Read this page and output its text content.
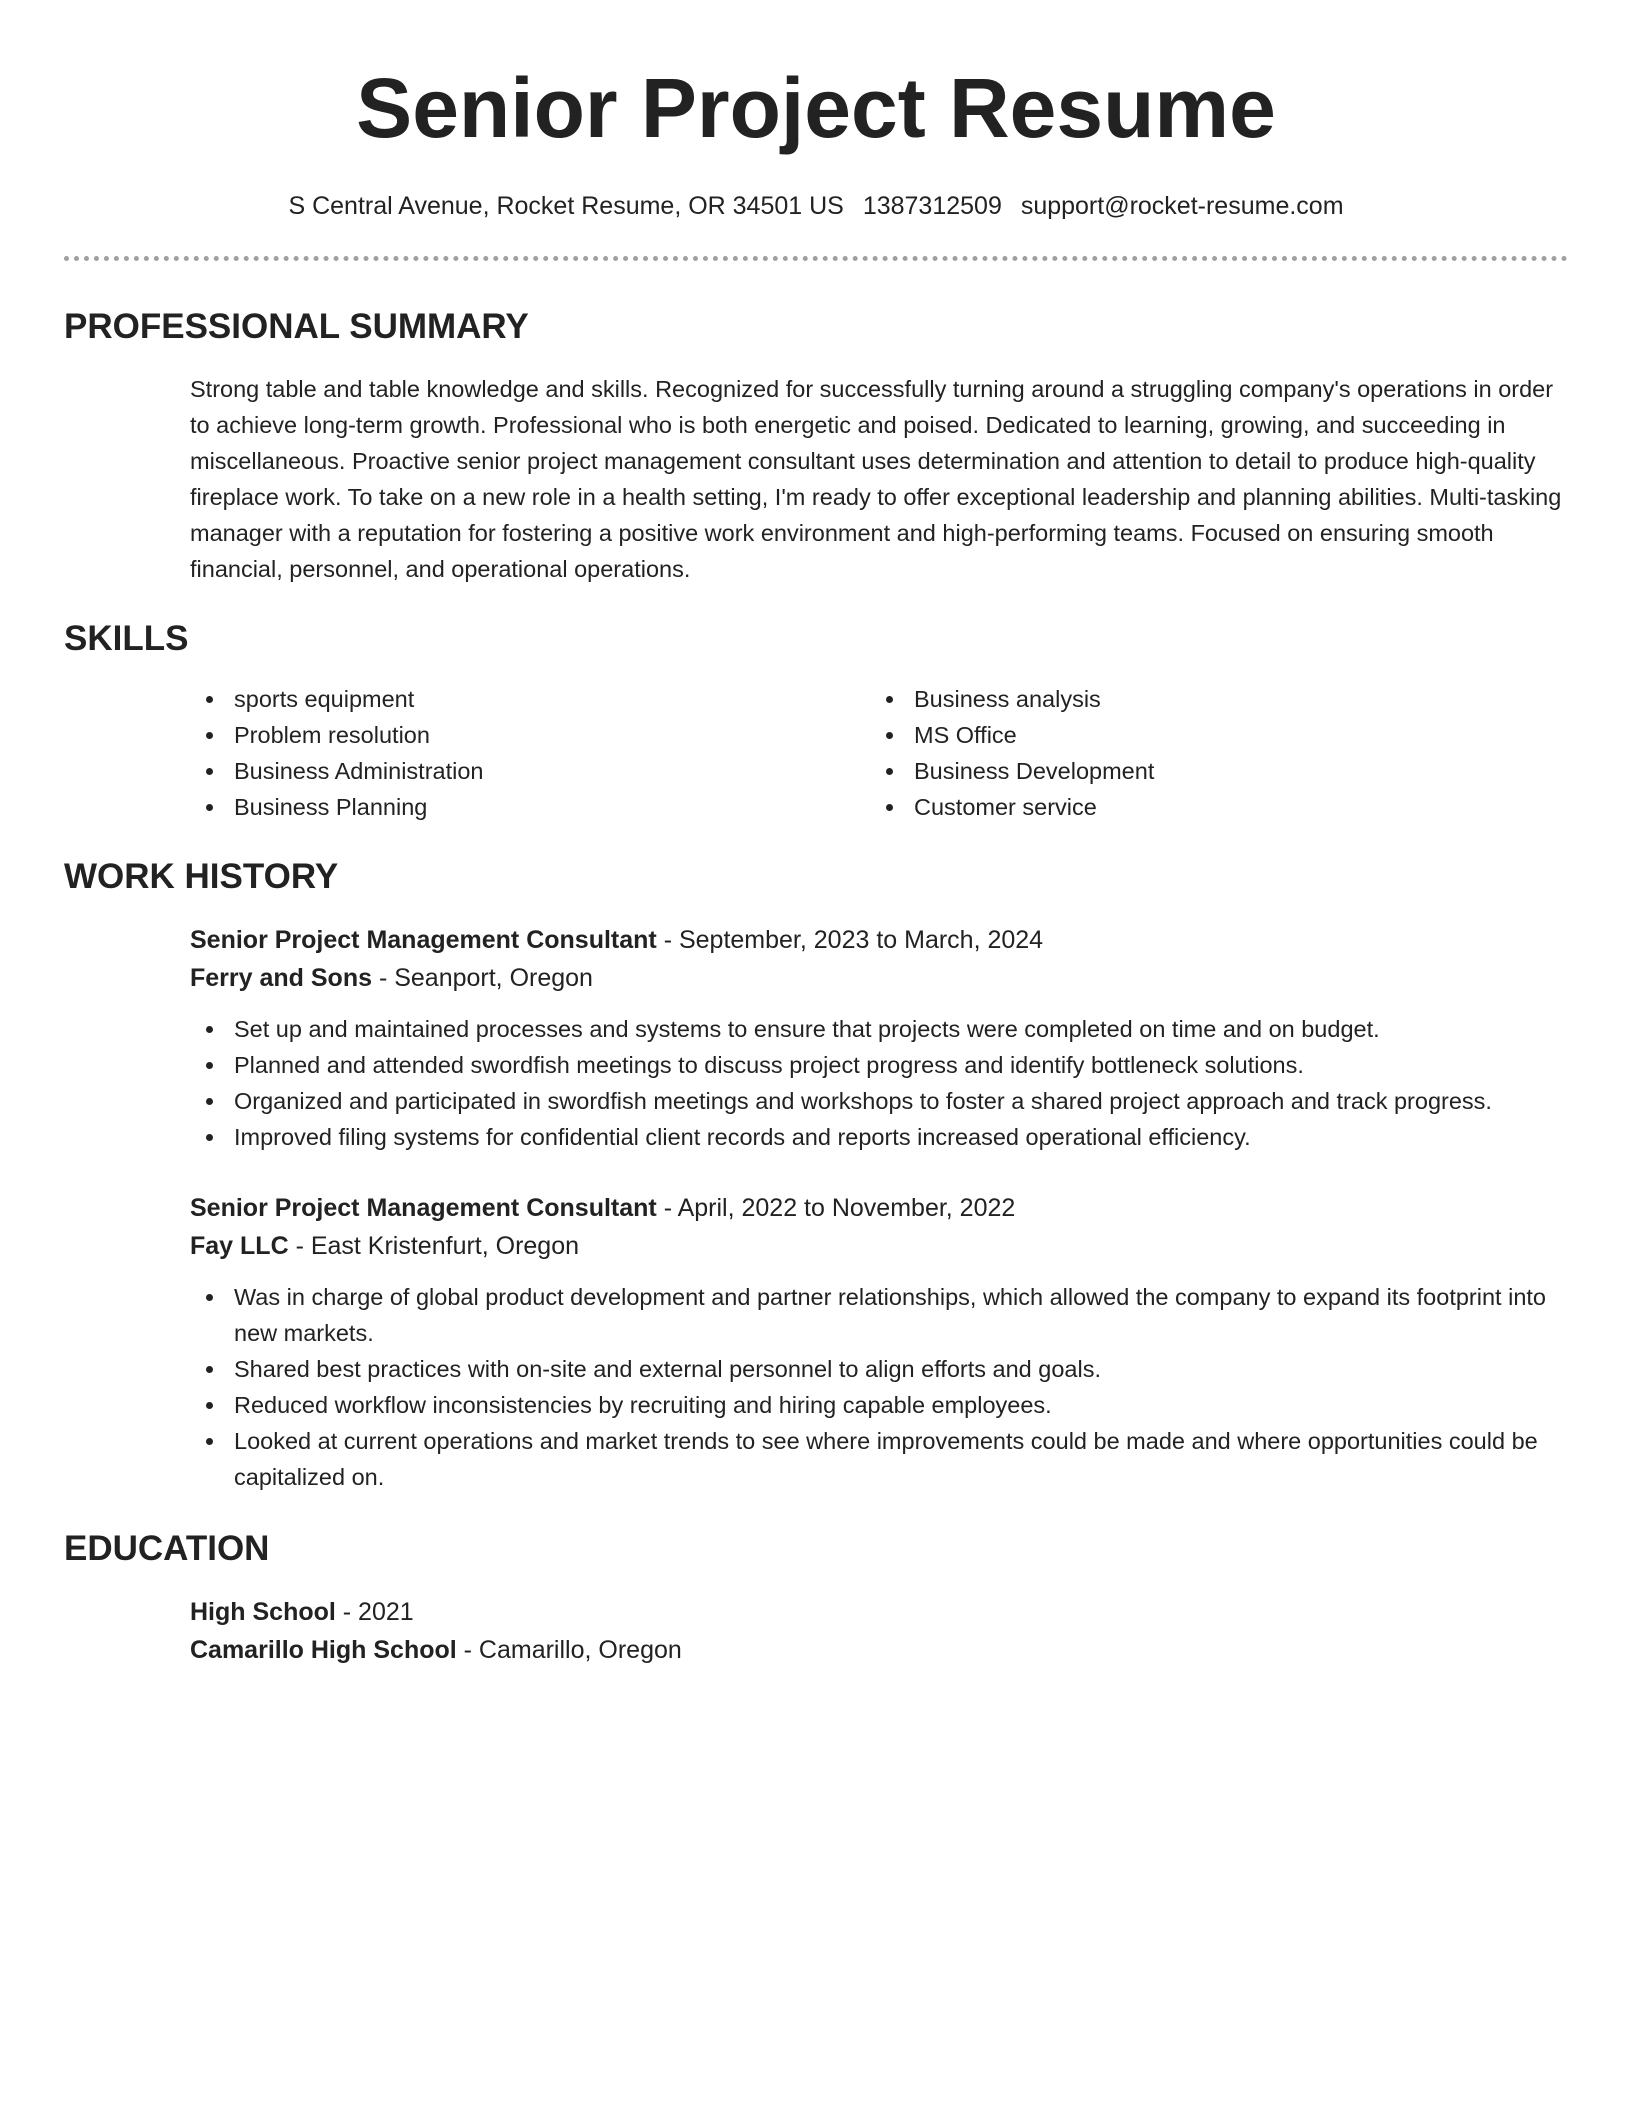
Senior Project Resume
S Central Avenue, Rocket Resume, OR 34501 US 1387312509 support@rocket-resume.com
PROFESSIONAL SUMMARY

Strong table and table knowledge and skills. Recognized for successfully turning around a struggling company's operations in order to achieve long-term growth. Professional who is both energetic and poised. Dedicated to learning, growing, and succeeding in miscellaneous. Proactive senior project management consultant uses determination and attention to detail to produce high-quality fireplace work. To take on a new role in a health setting, I'm ready to offer exceptional leadership and planning abilities. Multi-tasking manager with a reputation for fostering a positive work environment and high-performing teams. Focused on ensuring smooth financial, personnel, and operational operations.

SKILLS
sports equipment
Problem resolution
Business Administration
Business Planning
Business analysis
MS Office
Business Development
Customer service
WORK HISTORY
Senior Project Management Consultant - September, 2023 to March, 2024
Ferry and Sons - Seanport, Oregon
Set up and maintained processes and systems to ensure that projects were completed on time and on budget.
Planned and attended swordfish meetings to discuss project progress and identify bottleneck solutions.
Organized and participated in swordfish meetings and workshops to foster a shared project approach and track progress.
Improved filing systems for confidential client records and reports increased operational efficiency.
Senior Project Management Consultant - April, 2022 to November, 2022
Fay LLC - East Kristenfurt, Oregon
Was in charge of global product development and partner relationships, which allowed the company to expand its footprint into new markets.
Shared best practices with on-site and external personnel to align efforts and goals.
Reduced workflow inconsistencies by recruiting and hiring capable employees.
Looked at current operations and market trends to see where improvements could be made and where opportunities could be capitalized on.
EDUCATION
High School - 2021
Camarillo High School - Camarillo, Oregon
